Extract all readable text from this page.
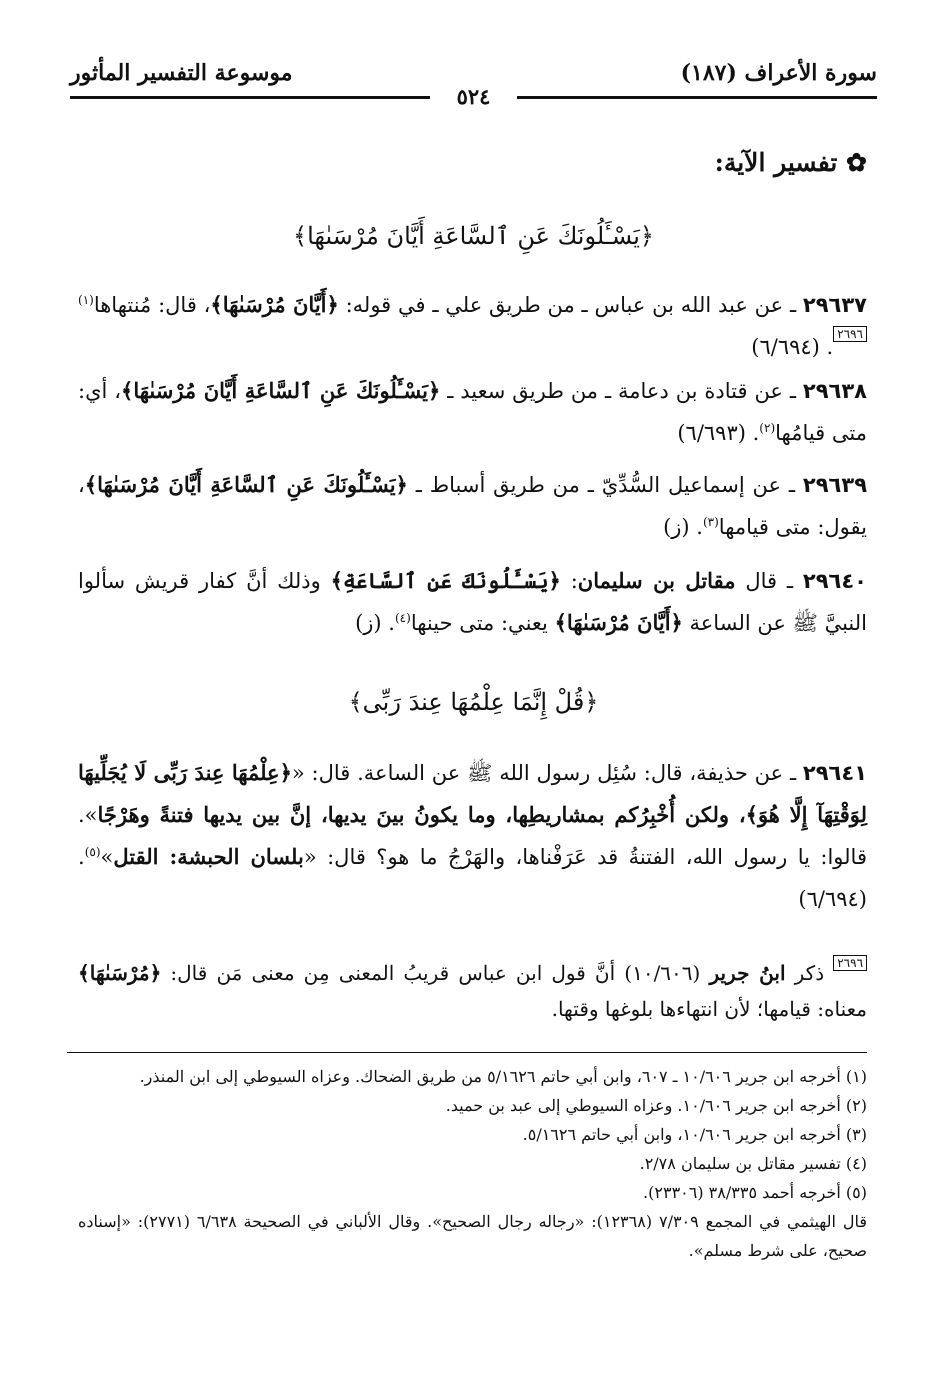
سورة الأعراف (١٨٧)
موسوعة التفسير المأثور
٥٢٤
✿ تفسير الآية:
﴿يَسْـَٔلُونَكَ عَنِ ٱلسَّاعَةِ أَيَّانَ مُرْسَىٰهَا﴾
٢٩٦٣٧ ـ عن عبد الله بن عباس ـ من طريق علي ـ في قوله: ﴿أَيَّانَ مُرْسَىٰهَا﴾، قال: مُنتهاها$^{(١)}$٢٦٩٦. (٦/٦٩٤)
٢٩٦٣٨ ـ عن قتادة بن دعامة ـ من طريق سعيد ـ ﴿يَسْـَٔلُونَكَ عَنِ ٱلسَّاعَةِ أَيَّانَ مُرْسَىٰهَا﴾، أي: متى قيامُها$^{(٢)}$. (٦/٦٩٣)
٢٩٦٣٩ ـ عن إسماعيل السُّدِّيّ ـ من طريق أسباط ـ ﴿يَسْـَٔلُونَكَ عَنِ ٱلسَّاعَةِ أَيَّانَ مُرْسَىٰهَا﴾، يقول: متى قيامها$^{(٣)}$. (ز)
٢٩٦٤٠ ـ قال مقاتل بن سليمان: ﴿يَسْـَٔلُونَكَ عَنِ ٱلسَّاعَةِ﴾ وذلك أنَّ كفار قريش سألوا النبيَّ ﷺ عن الساعة ﴿أَيَّانَ مُرْسَىٰهَا﴾ يعني: متى حينها$^{(٤)}$. (ز)
﴿قُلْ إِنَّمَا عِلْمُهَا عِندَ رَبِّى﴾
٢٩٦٤١ ـ عن حذيفة، قال: سُئِل رسول الله ﷺ عن الساعة. قال: «﴿عِلْمُهَا عِندَ رَبِّى لَا يُجَلِّيهَا لِوَقْتِهَآ إِلَّا هُوَ﴾، ولكن أُخْبِرُكم بمشاريطِها، وما يكونُ بينَ يديها، إنَّ بين يديها فتنةً وهَرْجًا». قالوا: يا رسول الله، الفتنةُ قد عَرَفْناها، والهَرْجُ ما هو؟ قال: «بلسان الحبشة: القتل»$^{(٥)}$. (٦/٦٩٤)
٢٦٩٦ ذكر ابنُ جرير (١٠/٦٠٦) أنَّ قول ابن عباس قريبُ المعنى مِن معنى مَن قال: ﴿مُرْسَىٰهَا﴾ معناه: قيامها؛ لأن انتهاءها بلوغها وقتها.
(١) أخرجه ابن جرير ١٠/٦٠٦ ـ ٦٠٧، وابن أبي حاتم ٥/١٦٢٦ من طريق الضحاك. وعزاه السيوطي إلى ابن المنذر.
(٢) أخرجه ابن جرير ١٠/٦٠٦. وعزاه السيوطي إلى عبد بن حميد.
(٣) أخرجه ابن جرير ١٠/٦٠٦، وابن أبي حاتم ٥/١٦٢٦.
(٤) تفسير مقاتل بن سليمان ٢/٧٨.
(٥) أخرجه أحمد ٣٨/٣٣٥ (٢٣٣٠٦).
قال الهيثمي في المجمع ٧/٣٠٩ (١٢٣٦٨): «رجاله رجال الصحيح». وقال الألباني في الصحيحة ٦/٦٣٨ (٢٧٧١): «إسناده صحيح، على شرط مسلم».
